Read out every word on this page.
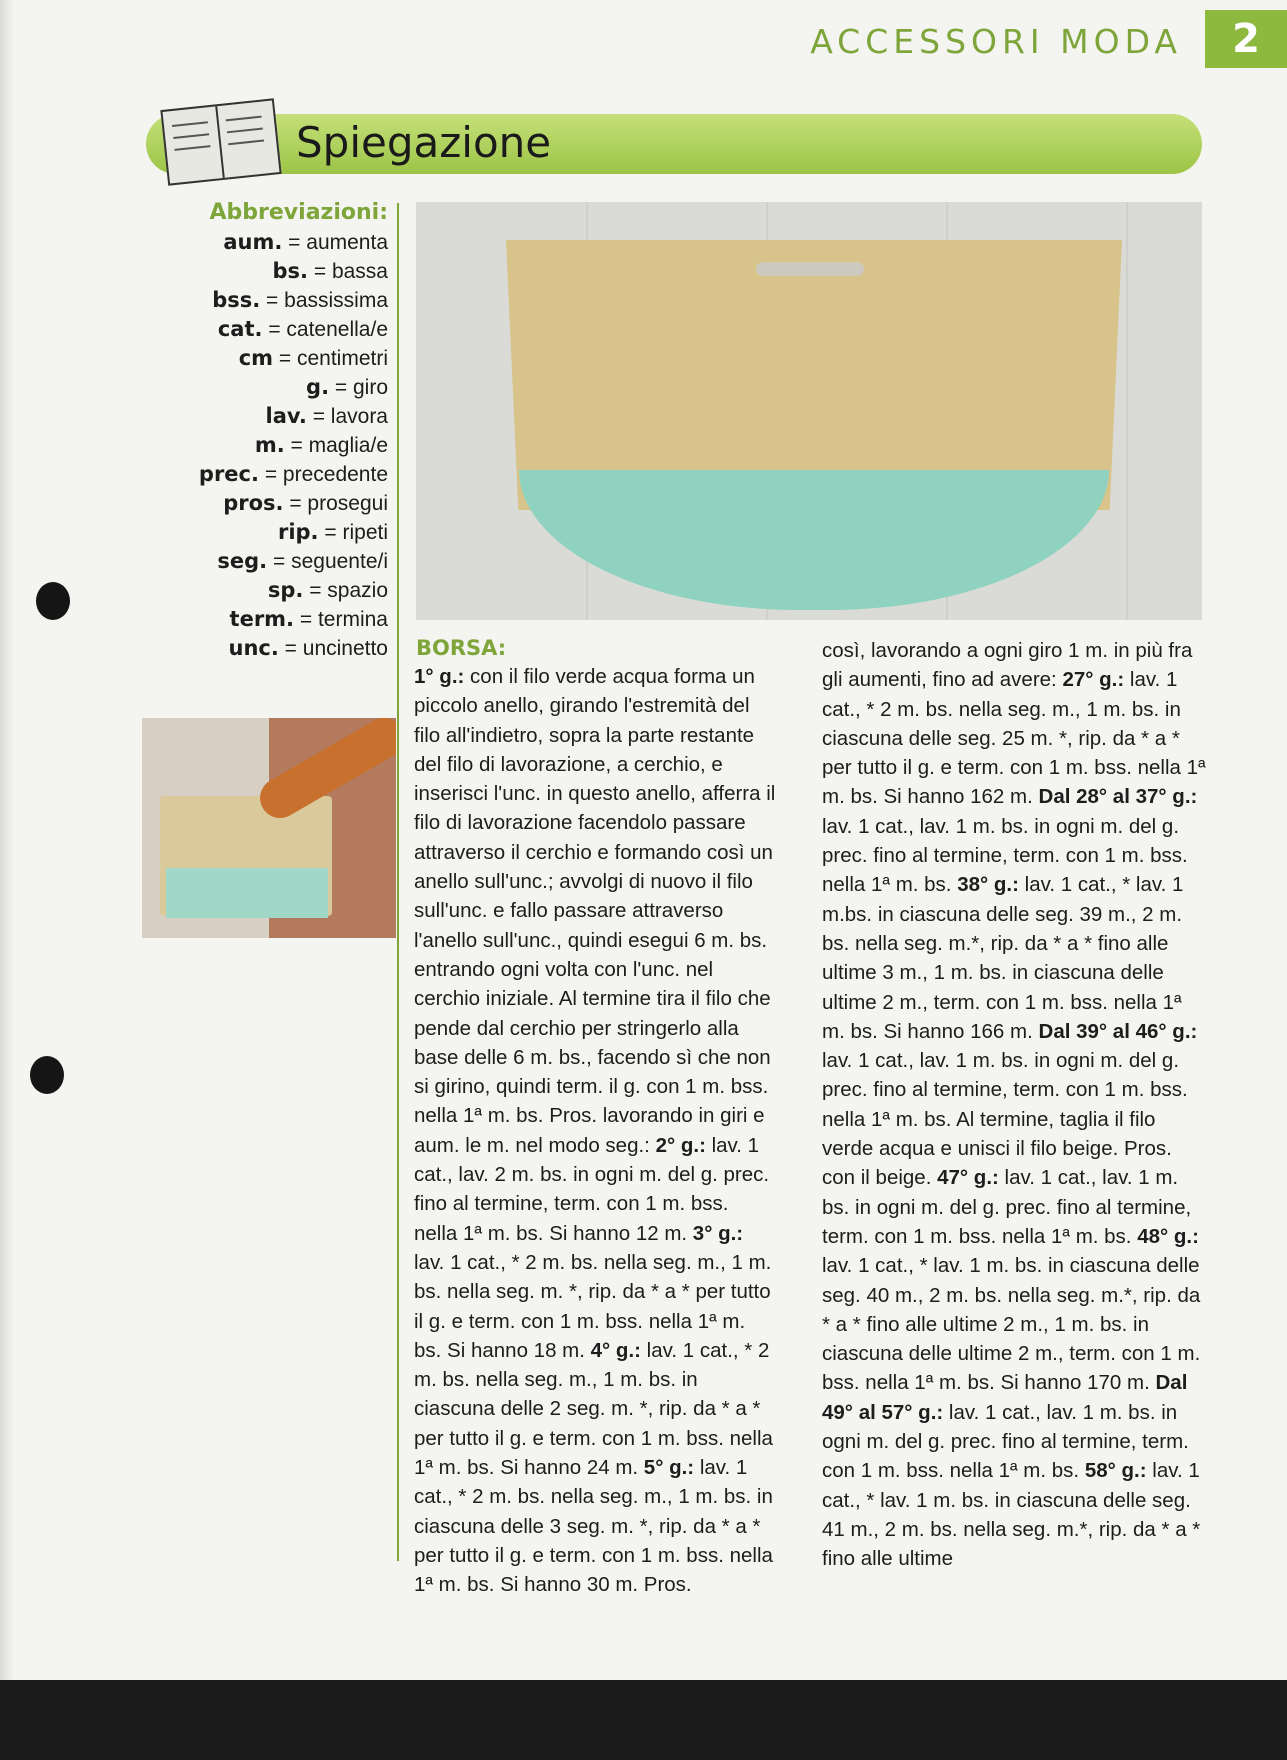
ACCESSORI MODA	2
Spiegazione
Abbreviazioni:
aum. = aumenta
bs. = bassa
bss. = bassissima
cat. = catenella/e
cm = centimetri
g. = giro
lav. = lavora
m. = maglia/e
prec. = precedente
pros. = prosegui
rip. = ripeti
seg. = seguente/i
sp. = spazio
term. = termina
unc. = uncinetto BORSA:
1° g.: con il filo verde acqua forma un piccolo anello, girando l'estremità del filo all'indietro, sopra la parte restante del filo di lavorazione, a cerchio, e inserisci l'unc. in questo anello, afferra il filo di lavorazione facendolo passare attraverso il cerchio e formando così un anello sull'unc.; avvolgi di nuovo il filo sull'unc. e fallo passare attraverso l'anello sull'unc., quindi esegui 6 m. bs. entrando ogni volta con l'unc. nel cerchio iniziale. Al termine tira il filo che pende dal cerchio per stringerlo alla base delle 6 m. bs., facendo sì che non si girino, quindi term. il g. con 1 m. bss. nella 1ª m. bs. Pros. lavorando in giri e aum. le m. nel modo seg.: 2° g.: lav. 1 cat., lav. 2 m. bs. in ogni m. del g. prec. fino al termine, term. con 1 m. bss. nella 1ª m. bs. Si hanno 12 m. 3° g.: lav. 1 cat., * 2 m. bs. nella seg. m., 1 m. bs. nella seg. m. *, rip. da * a * per tutto il g. e term. con 1 m. bss. nella 1ª m. bs. Si hanno 18 m. 4° g.: lav. 1 cat., * 2 m. bs. nella seg. m., 1 m. bs. in ciascuna delle 2 seg. m. *, rip. da * a * per tutto il g. e term. con 1 m. bss. nella 1ª m. bs. Si hanno 24 m. 5° g.: lav. 1 cat., * 2 m. bs. nella seg. m., 1 m. bs. in ciascuna delle 3 seg. m. *, rip. da * a * per tutto il g. e term. con 1 m. bss. nella 1ª m. bs. Si hanno 30 m. Pros.
così, lavorando a ogni giro 1 m. in più fra gli aumenti, fino ad avere: 27° g.: lav. 1 cat., * 2 m. bs. nella seg. m., 1 m. bs. in ciascuna delle seg. 25 m. *, rip. da * a * per tutto il g. e term. con 1 m. bss. nella 1ª m. bs. Si hanno 162 m. Dal 28° al 37° g.: lav. 1 cat., lav. 1 m. bs. in ogni m. del g. prec. fino al termine, term. con 1 m. bss. nella 1ª m. bs. 38° g.: lav. 1 cat., * lav. 1 m.bs. in ciascuna delle seg. 39 m., 2 m. bs. nella seg. m.*, rip. da * a * fino alle ultime 3 m., 1 m. bs. in ciascuna delle ultime 2 m., term. con 1 m. bss. nella 1ª m. bs. Si hanno 166 m. Dal 39° al 46° g.: lav. 1 cat., lav. 1 m. bs. in ogni m. del g. prec. fino al termine, term. con 1 m. bss. nella 1ª m. bs. Al termine, taglia il filo verde acqua e unisci il filo beige. Pros. con il beige. 47° g.: lav. 1 cat., lav. 1 m. bs. in ogni m. del g. prec. fino al termine, term. con 1 m. bss. nella 1ª m. bs. 48° g.: lav. 1 cat., * lav. 1 m. bs. in ciascuna delle seg. 40 m., 2 m. bs. nella seg. m.*, rip. da * a * fino alle ultime 2 m., 1 m. bs. in ciascuna delle ultime 2 m., term. con 1 m. bss. nella 1ª m. bs. Si hanno 170 m. Dal 49° al 57° g.: lav. 1 cat., lav. 1 m. bs. in ogni m. del g. prec. fino al termine, term. con 1 m. bss. nella 1ª m. bs. 58° g.: lav. 1 cat., * lav. 1 m. bs. in ciascuna delle seg. 41 m., 2 m. bs. nella seg. m.*, rip. da * a * fino alle ultime
